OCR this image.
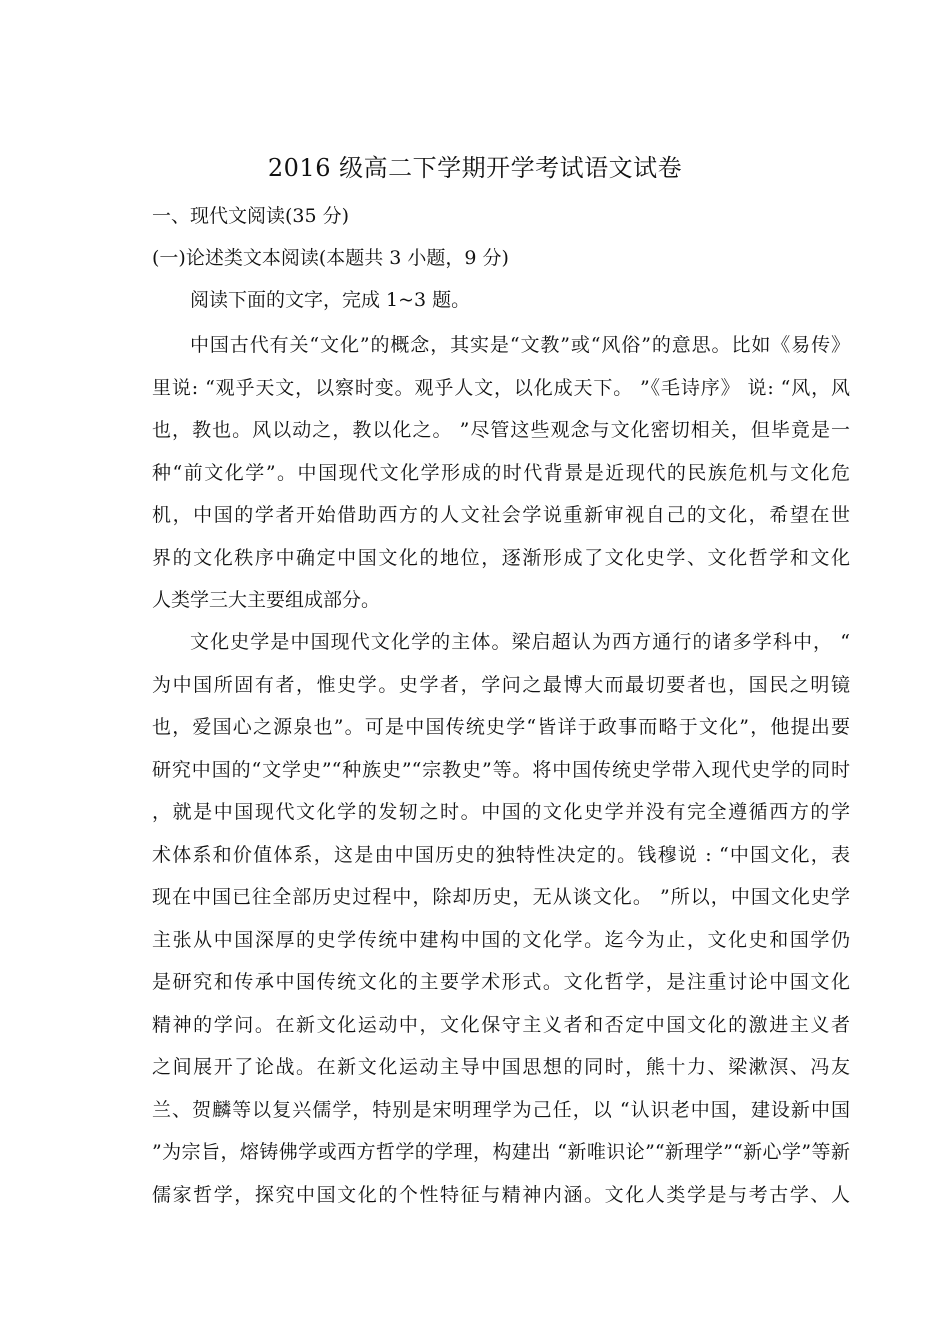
2016 级高二下学期开学考试语文试卷
一、现代文阅读(35 分)
(一)论述类文本阅读(本题共 3 小题，9 分)
阅读下面的文字，完成 1~3 题。
中国古代有关“文化”的概念，其实是“文教”或“风俗”的意思。比如《易传》
里说: “观乎天文，以察时变。观乎人文，以化成天下。 ”《毛诗序》 说: “风，风
也，教也。风以动之，教以化之。 ”尽管这些观念与文化密切相关，但毕竟是一
种“前文化学”。中国现代文化学形成的时代背景是近现代的民族危机与文化危
机，中国的学者开始借助西方的人文社会学说重新审视自己的文化，希望在世
界的文化秩序中确定中国文化的地位，逐渐形成了文化史学、文化哲学和文化
人类学三大主要组成部分。
文化史学是中国现代文化学的主体。梁启超认为西方通行的诸多学科中， “
为中国所固有者，惟史学。史学者，学问之最博大而最切要者也，国民之明镜
也，爱国心之源泉也”。可是中国传统史学“皆详于政事而略于文化”，他提出要
研究中国的“文学史”“种族史”“宗教史”等。将中国传统史学带入现代史学的同时
，就是中国现代文化学的发轫之时。中国的文化史学并没有完全遵循西方的学
术体系和价值体系，这是由中国历史的独特性决定的。钱穆说 : “中国文化，表
现在中国已往全部历史过程中，除却历史，无从谈文化。 ”所以，中国文化史学
主张从中国深厚的史学传统中建构中国的文化学。迄今为止，文化史和国学仍
是研究和传承中国传统文化的主要学术形式。文化哲学，是注重讨论中国文化
精神的学问。在新文化运动中，文化保守主义者和否定中国文化的激进主义者
之间展开了论战。在新文化运动主导中国思想的同时，熊十力、梁漱溟、冯友
兰、贺麟等以复兴儒学，特别是宋明理学为己任，以 “认识老中国，建设新中国
”为宗旨，熔铸佛学或西方哲学的学理，构建出 “新唯识论”“新理学”“新心学”等新
儒家哲学，探究中国文化的个性特征与精神内涵。文化人类学是与考古学、人
